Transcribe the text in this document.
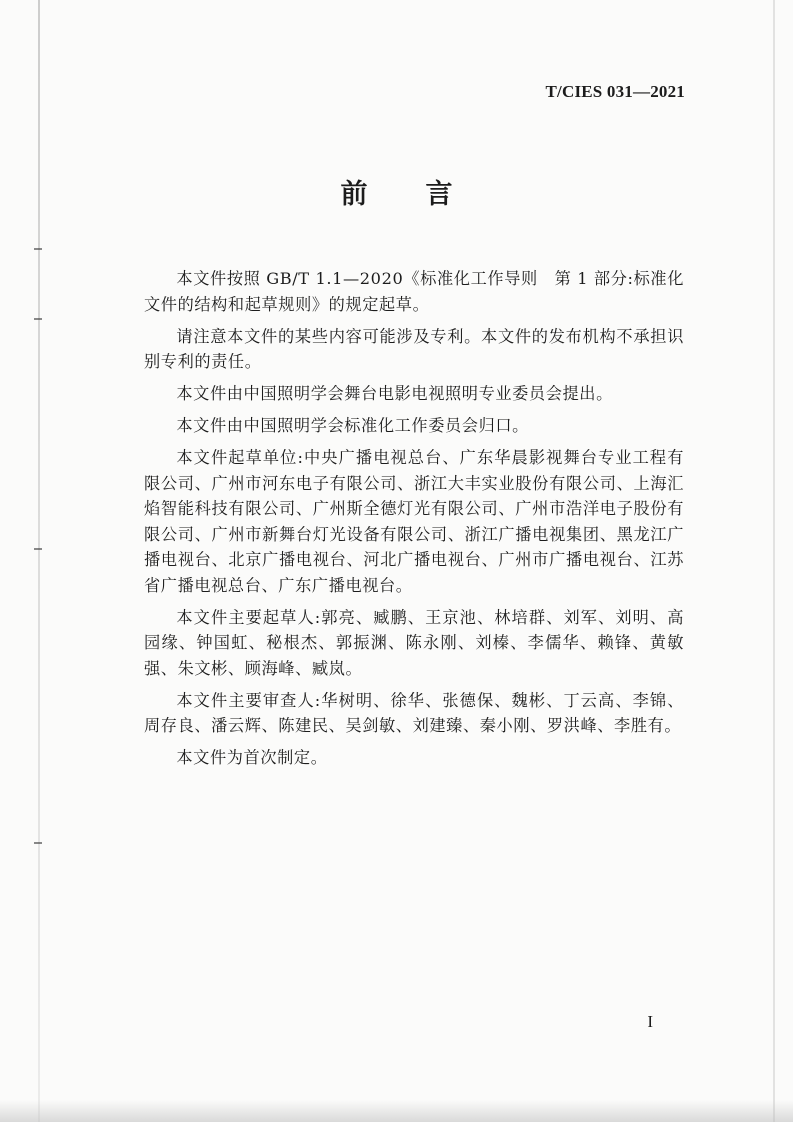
T/CIES 031—2021
前 言

本文件按照 GB/T 1.1—2020《标准化工作导则　第 1 部分:标准化文件的结构和起草规则》的规定起草。

请注意本文件的某些内容可能涉及专利。本文件的发布机构不承担识别专利的责任。

本文件由中国照明学会舞台电影电视照明专业委员会提出。

本文件由中国照明学会标准化工作委员会归口。

本文件起草单位:中央广播电视总台、广东华晨影视舞台专业工程有限公司、广州市河东电子有限公司、浙江大丰实业股份有限公司、上海汇焰智能科技有限公司、广州斯全德灯光有限公司、广州市浩洋电子股份有限公司、广州市新舞台灯光设备有限公司、浙江广播电视集团、黑龙江广播电视台、北京广播电视台、河北广播电视台、广州市广播电视台、江苏省广播电视总台、广东广播电视台。

本文件主要起草人:郭亮、臧鹏、王京池、林培群、刘军、刘明、高园缘、钟国虹、秘根杰、郭振渊、陈永刚、刘榛、李儒华、赖锋、黄敏强、朱文彬、顾海峰、臧岚。

本文件主要审查人:华树明、徐华、张德保、魏彬、丁云高、李锦、周存良、潘云辉、陈建民、吴剑敏、刘建臻、秦小刚、罗洪峰、李胜有。

本文件为首次制定。

I
